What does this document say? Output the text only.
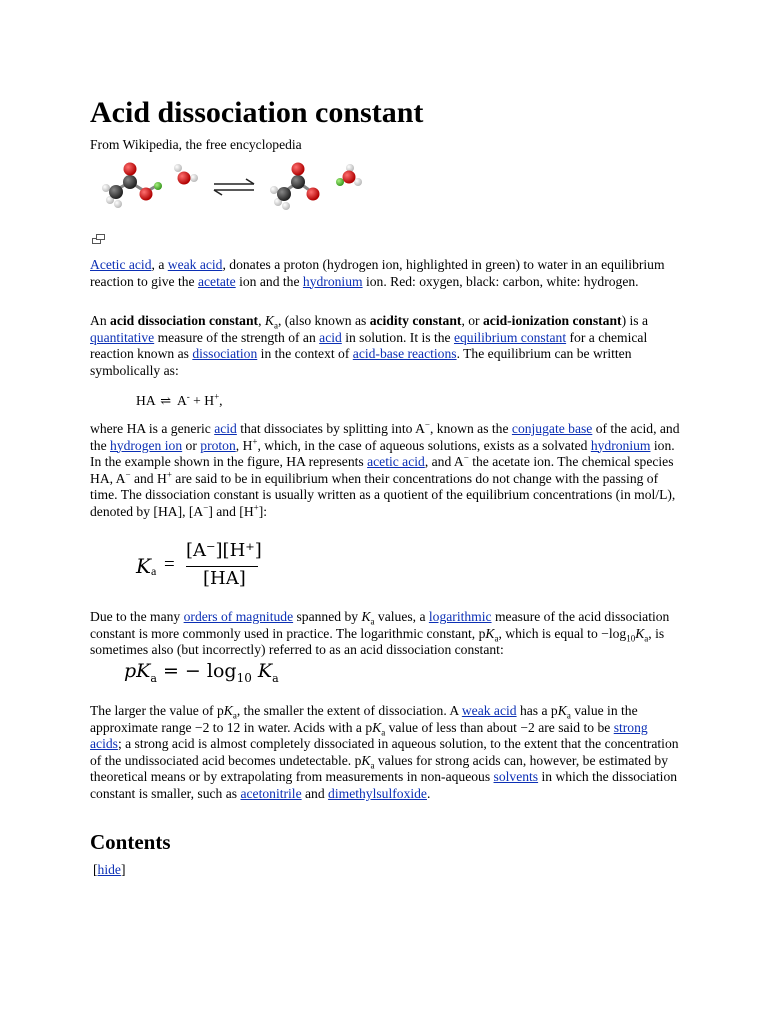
Acid dissociation constant
From Wikipedia, the free encyclopedia

Acetic acid, a weak acid, donates a proton (hydrogen ion, highlighted in green) to water in an equilibrium reaction to give the acetate ion and the hydronium ion. Red: oxygen, black: carbon, white: hydrogen.

An acid dissociation constant, $K_a$, (also known as acidity constant, or acid-ionization constant) is a quantitative measure of the strength of an acid in solution. It is the equilibrium constant for a chemical reaction known as dissociation in the context of acid-base reactions. The equilibrium can be written symbolically as:

HA ⇌ A- + H+,

where HA is a generic acid that dissociates by splitting into A−, known as the conjugate base of the acid, and the hydrogen ion or proton, H+, which, in the case of aqueous solutions, exists as a solvated hydronium ion. In the example shown in the figure, HA represents acetic acid, and A− the acetate ion. The chemical species HA, A− and H+ are said to be in equilibrium when their concentrations do not change with the passing of time. The dissociation constant is usually written as a quotient of the equilibrium concentrations (in mol/L), denoted by [HA], [A−] and [H+]:

K a =
[A⁻][H⁺]
[HA]

Due to the many orders of magnitude spanned by $K_a$ values, a logarithmic measure of the acid dissociation constant is more commonly used in practice. The logarithmic constant, $pK_a$, which is equal to $-\log_{10}K_a$, is sometimes also (but incorrectly) referred to as an acid dissociation constant:

$pK_a$ = − $\log_{10} K_a$

The larger the value of $pK_a$, the smaller the extent of dissociation. A weak acid has a $pK_a$ value in the approximate range −2 to 12 in water. Acids with a $pK_a$ value of less than about −2 are said to be strong acids; a strong acid is almost completely dissociated in aqueous solution, to the extent that the concentration of the undissociated acid becomes undetectable. $pK_a$ values for strong acids can, however, be estimated by theoretical means or by extrapolating from measurements in non-aqueous solvents in which the dissociation constant is smaller, such as acetonitrile and dimethylsulfoxide.

Contents
[hide]
